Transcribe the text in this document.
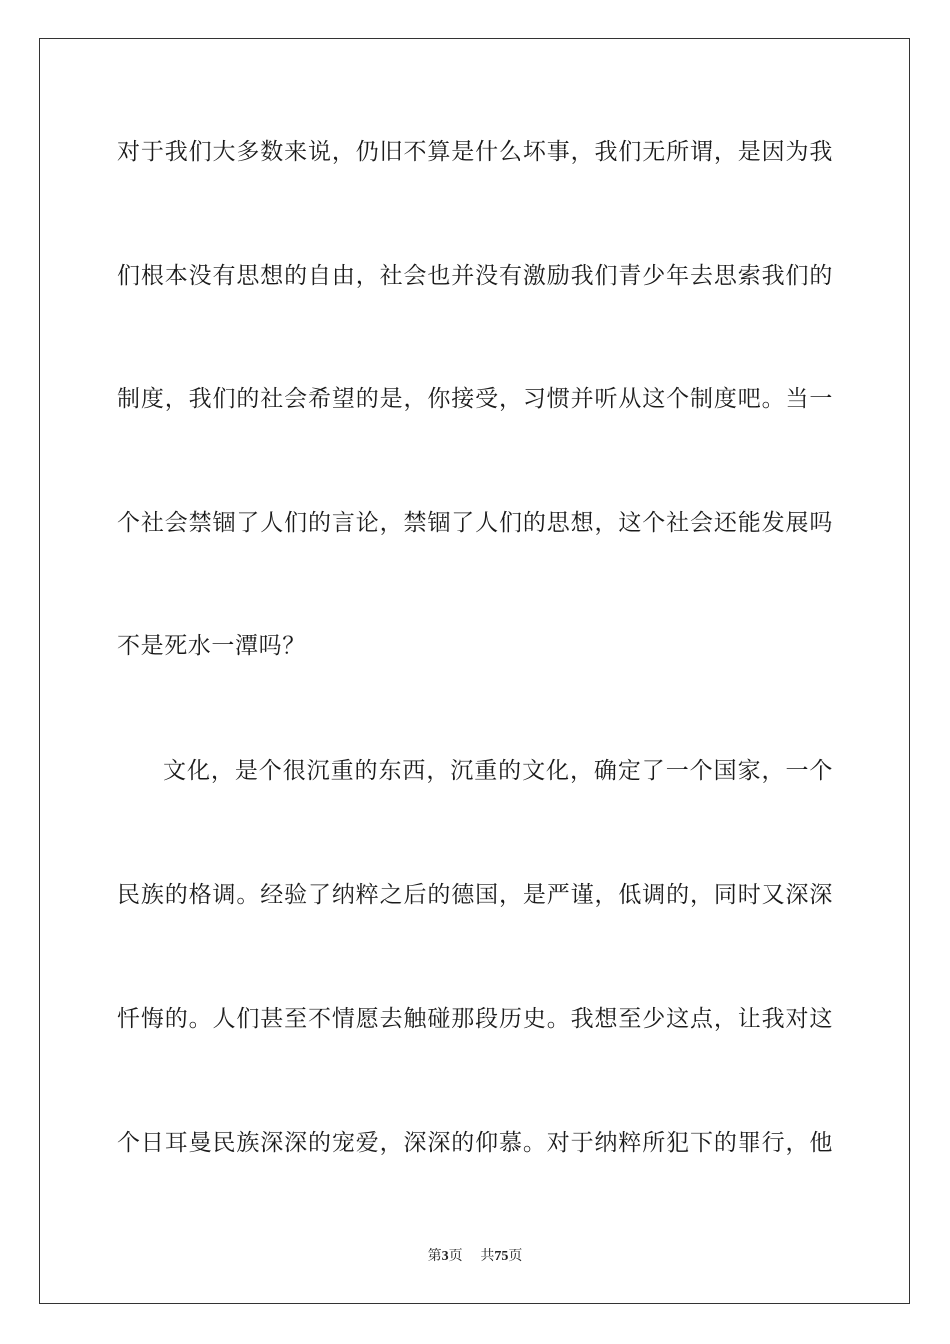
对于我们大多数来说，仍旧不算是什么坏事，我们无所谓，是因为我
们根本没有思想的自由，社会也并没有激励我们青少年去思索我们的
制度，我们的社会希望的是，你接受，习惯并听从这个制度吧。当一
个社会禁锢了人们的言论，禁锢了人们的思想，这个社会还能发展吗
不是死水一潭吗？
文化，是个很沉重的东西，沉重的文化，确定了一个国家，一个
民族的格调。经验了纳粹之后的德国，是严谨，低调的，同时又深深
忏悔的。人们甚至不情愿去触碰那段历史。我想至少这点，让我对这
个日耳曼民族深深的宠爱，深深的仰慕。对于纳粹所犯下的罪行，他
第3页 共75页
